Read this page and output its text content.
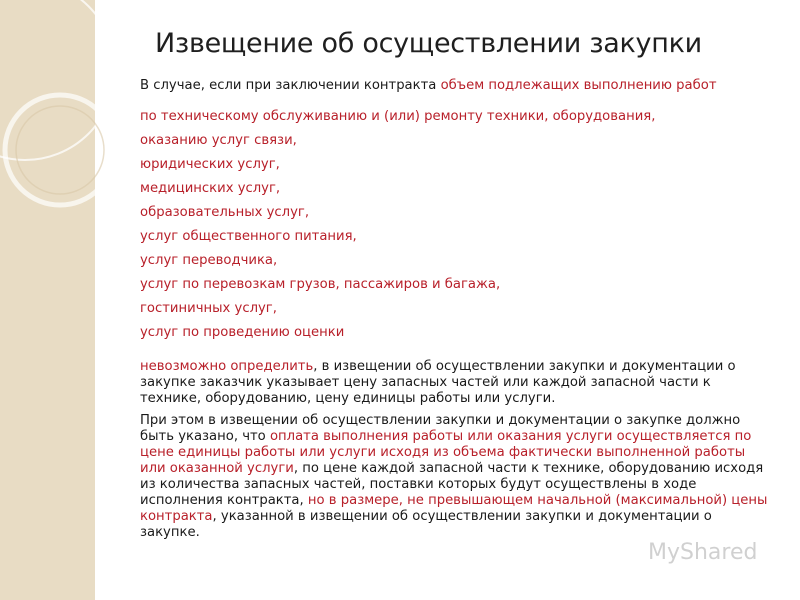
Извещение об осуществлении закупки

В случае, если при заключении контракта объем подлежащих выполнению работ

по техническому обслуживанию и (или) ремонту техники, оборудования,
оказанию услуг связи,
юридических услуг,
медицинских услуг,
образовательных услуг,
услуг общественного питания,
услуг переводчика,
услуг по перевозкам грузов, пассажиров и багажа,
гостиничных услуг,
услуг по проведению оценки

невозможно определить, в извещении об осуществлении закупки и документации о закупке заказчик указывает цену запасных частей или каждой запасной части к технике, оборудованию, цену единицы работы или услуги.

При этом в извещении об осуществлении закупки и документации о закупке должно быть указано, что оплата выполнения работы или оказания услуги осуществляется по цене единицы работы или услуги исходя из объема фактически выполненной работы или оказанной услуги, по цене каждой запасной части к технике, оборудованию исходя из количества запасных частей, поставки которых будут осуществлены в ходе исполнения контракта, но в размере, не превышающем начальной (максимальной) цены контракта, указанной в извещении об осуществлении закупки и документации о закупке.

MyShared
